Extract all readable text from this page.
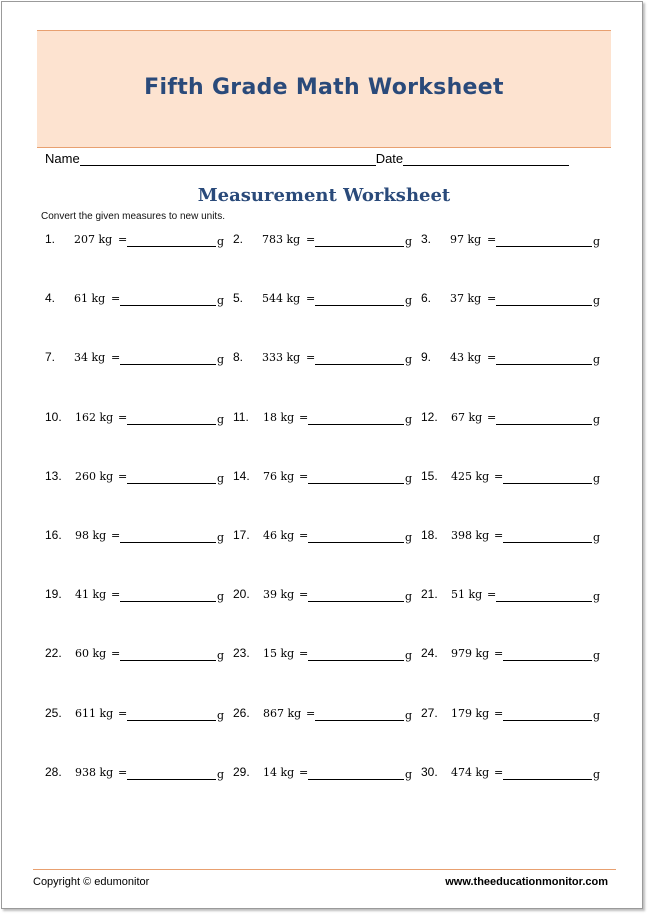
Fifth Grade Math Worksheet
Name	Date
Measurement Worksheet
Convert the given measures to new units.
1. 207 kg =	g 2. 783 kg =	g 3. 97 kg =	g
4. 61 kg =	g 5. 544 kg =	g 6. 37 kg =	g
7. 34 kg =	g 8. 333 kg =	g 9. 43 kg =	g
10. 162 kg =	g 11. 18 kg =	g 12. 67 kg =	g
13. 260 kg =	g 14. 76 kg =	g 15. 425 kg =	g
16. 98 kg =	g 17. 46 kg =	g 18. 398 kg =	g
19. 41 kg =	g 20. 39 kg =	g 21. 51 kg =	g
22. 60 kg =	g 23. 15 kg =	g 24. 979 kg =	g
25. 611 kg =	g 26. 867 kg =	g 27. 179 kg =	g
28. 938 kg =	g 29. 14 kg =	g 30. 474 kg =	g
Copyright © edumonitor	www.theeducationmonitor.com
